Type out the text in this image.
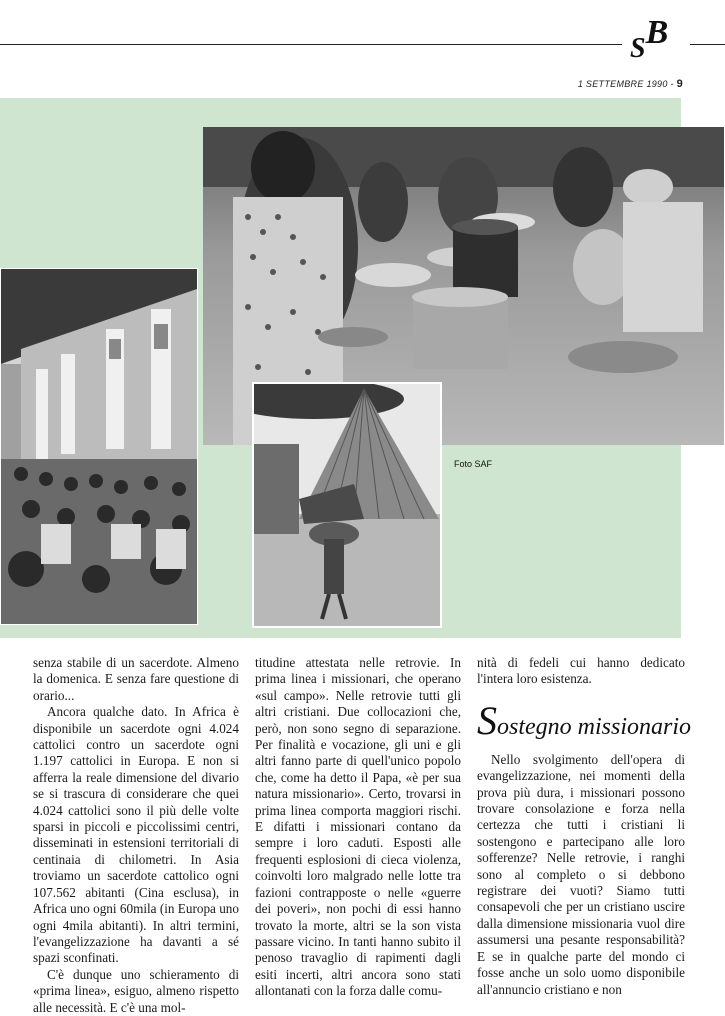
SB
1 SETTEMBRE 1990 - 9
Foto SAF

senza stabile di un sacerdote. Almeno la domenica. E senza fare questione di orario...

Ancora qualche dato. In Africa è disponibile un sacerdote ogni 4.024 cattolici contro un sacerdote ogni 1.197 cattolici in Europa. E non si afferra la reale dimensione del divario se si trascura di considerare che quei 4.024 cattolici sono il più delle volte sparsi in piccoli e piccolissimi centri, disseminati in estensioni territoriali di centinaia di chilometri. In Asia troviamo un sacerdote cattolico ogni 107.562 abitanti (Cina esclusa), in Africa uno ogni 60mila (in Europa uno ogni 4mila abitanti). In altri termini, l'evangelizzazione ha davanti a sé spazi sconfinati.

C'è dunque uno schieramento di «prima linea», esiguo, almeno rispetto alle necessità. E c'è una mol-

titudine attestata nelle retrovie. In prima linea i missionari, che operano «sul campo». Nelle retrovie tutti gli altri cristiani. Due collocazioni che, però, non sono segno di separazione. Per finalità e vocazione, gli uni e gli altri fanno parte di quell'unico popolo che, come ha detto il Papa, «è per sua natura missionario». Certo, trovarsi in prima linea comporta maggiori rischi. E difatti i missionari contano da sempre i loro caduti. Esposti alle frequenti esplosioni di cieca violenza, coinvolti loro malgrado nelle lotte tra fazioni contrapposte o nelle «guerre dei poveri», non pochi di essi hanno trovato la morte, altri se la son vista passare vicino. In tanti hanno subito il penoso travaglio di rapimenti dagli esiti incerti, altri ancora sono stati allontanati con la forza dalle comu-

nità di fedeli cui hanno dedicato l'intera loro esistenza.

Sostegno missionario

Nello svolgimento dell'opera di evangelizzazione, nei momenti della prova più dura, i missionari possono trovare consolazione e forza nella certezza che tutti i cristiani li sostengono e partecipano alle loro sofferenze? Nelle retrovie, i ranghi sono al completo o si debbono registrare dei vuoti? Siamo tutti consapevoli che per un cristiano uscire dalla dimensione missionaria vuol dire assumersi una pesante responsabilità? E se in qualche parte del mondo ci fosse anche un solo uomo disponibile all'annuncio cristiano e non
